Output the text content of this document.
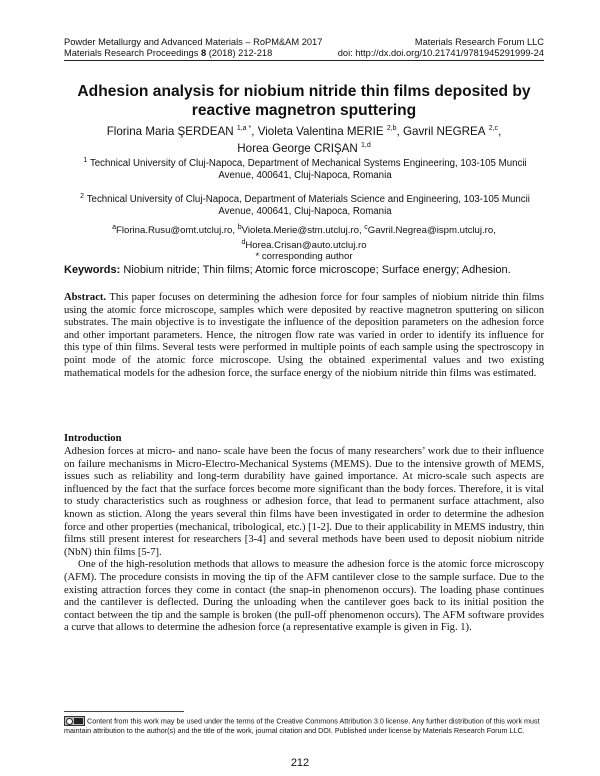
Powder Metallurgy and Advanced Materials – RoPM&AM 2017	Materials Research Forum LLC
Materials Research Proceedings 8 (2018) 212-218	doi: http://dx.doi.org/10.21741/9781945291999-24
Adhesion analysis for niobium nitride thin films deposited by reactive magnetron sputtering
Florina Maria ŞERDEAN $^{1,a *}$, Violeta Valentina MERIE $^{2,b}$, Gavril NEGREA $^{2,c}$,
Horea George CRIŞAN $^{1,d}$
$^1$ Technical University of Cluj-Napoca, Department of Mechanical Systems Engineering, 103-105 Muncii Avenue, 400641, Cluj-Napoca, Romania
$^2$ Technical University of Cluj-Napoca, Department of Materials Science and Engineering, 103-105 Muncii Avenue, 400641, Cluj-Napoca, Romania
$^a$Florina.Rusu@omt.utcluj.ro, $^b$Violeta.Merie@stm.utcluj.ro, $^c$Gavril.Negrea@ispm.utcluj.ro,
$^d$Horea.Crisan@auto.utcluj.ro
* corresponding author
Keywords: Niobium nitride; Thin films; Atomic force microscope; Surface energy; Adhesion.
Abstract. This paper focuses on determining the adhesion force for four samples of niobium nitride thin films using the atomic force microscope, samples which were deposited by reactive magnetron sputtering on silicon substrates. The main objective is to investigate the influence of the deposition parameters on the adhesion force and other important parameters. Hence, the nitrogen flow rate was varied in order to identify its influence for this type of thin films. Several tests were performed in multiple points of each sample using the spectroscopy in point mode of the atomic force microscope. Using the obtained experimental values and two existing mathematical models for the adhesion force, the surface energy of the niobium nitride thin films was estimated.
Introduction

Adhesion forces at micro- and nano- scale have been the focus of many researchers’ work due to their influence on failure mechanisms in Micro-Electro-Mechanical Systems (MEMS). Due to the intensive growth of MEMS, issues such as reliability and long-term durability have gained importance. At micro-scale such aspects are influenced by the fact that the surface forces become more significant than the body forces. Therefore, it is vital to study characteristics such as roughness or adhesion force, that lead to permanent surface attachment, also known as stiction. Along the years several thin films have been investigated in order to determine the adhesion force and other properties (mechanical, tribological, etc.) [1-2]. Due to their applicability in MEMS industry, thin films still present interest for researchers [3-4] and several methods have been used to deposit niobium nitride (NbN) thin films [5-7].

One of the high-resolution methods that allows to measure the adhesion force is the atomic force microscopy (AFM). The procedure consists in moving the tip of the AFM cantilever close to the sample surface. Due to the existing attraction forces they come in contact (the snap-in phenomenon occurs). The loading phase continues and the cantilever is deflected. During the unloading when the cantilever goes back to its initial position the contact between the tip and the sample is broken (the pull-off phenomenon occurs). The AFM software provides a curve that allows to determine the adhesion force (a representative example is given in Fig. 1).

Content from this work may be used under the terms of the Creative Commons Attribution 3.0 license. Any further distribution of this work must maintain attribution to the author(s) and the title of the work, journal citation and DOI. Published under license by Materials Research Forum LLC.
212
